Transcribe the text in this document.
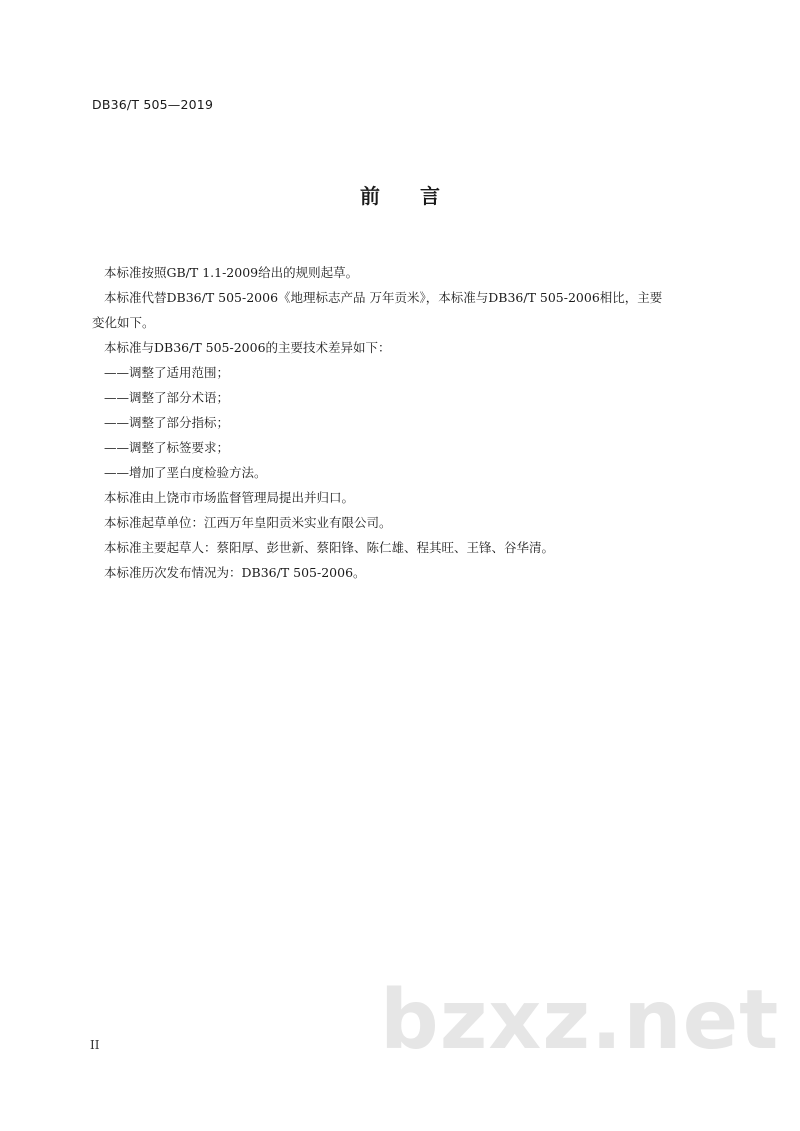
DB36/T 505—2019
前 言

本标准按照GB/T 1.1-2009给出的规则起草。

本标准代替DB36/T 505-2006《地理标志产品 万年贡米》，本标准与DB36/T 505-2006相比，主要

变化如下。

本标准与DB36/T 505-2006的主要技术差异如下：

——调整了适用范围；

——调整了部分术语；

——调整了部分指标；

——调整了标签要求；

——增加了垩白度检验方法。

本标准由上饶市市场监督管理局提出并归口。

本标准起草单位：江西万年皇阳贡米实业有限公司。

本标准主要起草人：蔡阳厚、彭世新、蔡阳锋、陈仁雄、程其旺、王锋、谷华清。

本标准历次发布情况为：DB36/T 505-2006。

II	bzxz.net
